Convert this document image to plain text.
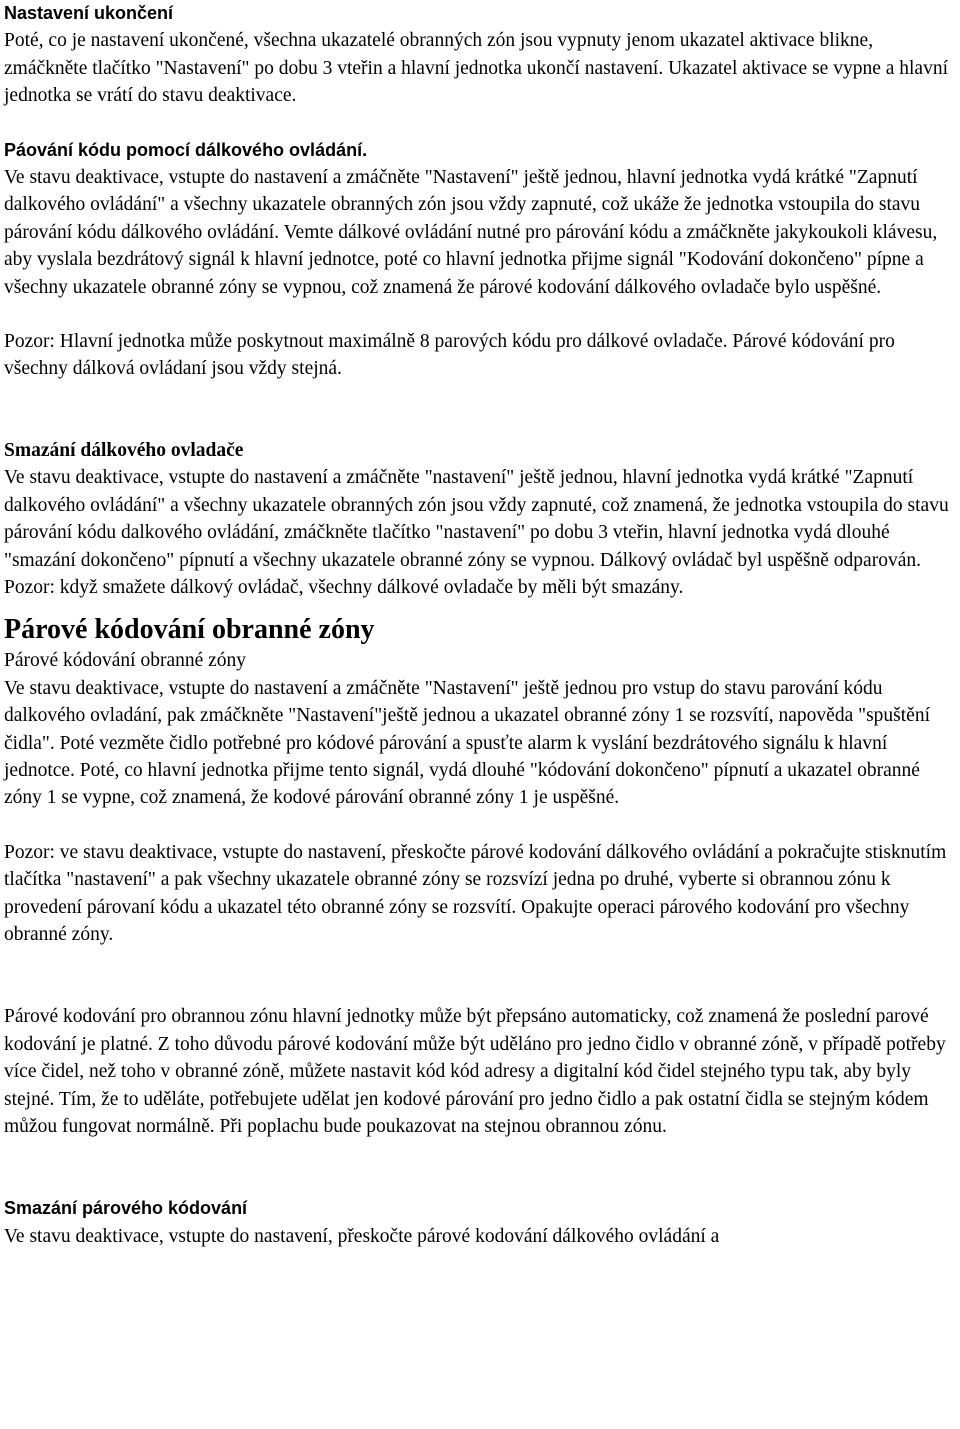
Nastavení ukončení

Poté, co je nastavení ukončené, všechna ukazatelé obranných zón jsou vypnuty jenom ukazatel aktivace blikne, zmáčkněte tlačítko "Nastavení" po dobu 3 vteřin a hlavní jednotka ukončí nastavení. Ukazatel aktivace se vypne a hlavní jednotka se vrátí do stavu deaktivace.

Páování kódu pomocí dálkového ovládání.

Ve stavu deaktivace, vstupte do nastavení a zmáčněte "Nastavení" ještě jednou, hlavní jednotka vydá krátké "Zapnutí dalkového ovládání" a všechny ukazatele obranných zón jsou vždy zapnuté, což ukáže že jednotka vstoupila do stavu párování kódu dálkového ovládání. Vemte dálkové ovládání nutné pro párování kódu a zmáčkněte jakykoukoli klávesu, aby vyslala bezdrátový signál k hlavní jednotce, poté co hlavní jednotka přijme signál "Kodování dokončeno" pípne a všechny ukazatele obranné zóny se vypnou, což znamená že párové kodování dálkového ovladače bylo uspěšné.

Pozor: Hlavní jednotka může poskytnout maximálně 8 parových kódu pro dálkové ovladače. Párové kódování pro všechny dálková ovládaní jsou vždy stejná.

Smazání dálkového ovladače

Ve stavu deaktivace, vstupte do nastavení a zmáčněte "nastavení" ještě jednou, hlavní jednotka vydá krátké "Zapnutí dalkového ovládání" a všechny ukazatele obranných zón jsou vždy zapnuté, což znamená, že jednotka vstoupila do stavu párování kódu dalkového ovládání, zmáčkněte tlačítko "nastavení" po dobu 3 vteřin, hlavní jednotka vydá dlouhé "smazání dokončeno" pípnutí a všechny ukazatele obranné zóny se vypnou. Dálkový ovládač byl uspěšně odparován.

Pozor: když smažete dálkový ovládač, všechny dálkové ovladače by měli být smazány.

Párové kódování obranné zóny

Párové kódování obranné zóny

Ve stavu deaktivace, vstupte do nastavení a zmáčněte "Nastavení" ještě jednou pro vstup do stavu parování kódu dalkového ovladání, pak zmáčkněte "Nastavení"ještě jednou a ukazatel obranné zóny 1 se rozsvítí, napověda "spuštění čidla". Poté vezměte čidlo potřebné pro kódové párování a spusťte alarm k vyslání bezdrátového signálu k hlavní jednotce. Poté, co hlavní jednotka přijme tento signál, vydá dlouhé "kódování dokončeno" pípnutí a ukazatel obranné zóny 1 se vypne, což znamená, že kodové párování obranné zóny 1 je uspěšné.

Pozor: ve stavu deaktivace, vstupte do nastavení, přeskočte párové kodování dálkového ovládání a pokračujte stisknutím tlačítka "nastavení" a pak všechny ukazatele obranné zóny se rozsvízí jedna po druhé, vyberte si obrannou zónu k provedení párovaní kódu a ukazatel této obranné zóny se rozsvítí. Opakujte operaci párového kodování pro všechny obranné zóny.

Párové kodování pro obrannou zónu hlavní jednotky může být přepsáno automaticky, což znamená že poslední parové kodování je platné. Z toho důvodu párové kodování může být uděláno pro jedno čidlo v obranné zóně, v případě potřeby více čidel, než toho v obranné zóně, můžete nastavit kód kód adresy a digitalní kód čidel stejného typu tak, aby byly stejné. Tím, že to uděláte, potřebujete udělat jen kodové párování pro jedno čidlo a pak ostatní čidla se stejným kódem můžou fungovat normálně. Při poplachu bude poukazovat na stejnou obrannou zónu.

Smazání párového kódování

Ve stavu deaktivace, vstupte do nastavení, přeskočte párové kodování dálkového ovládání a
